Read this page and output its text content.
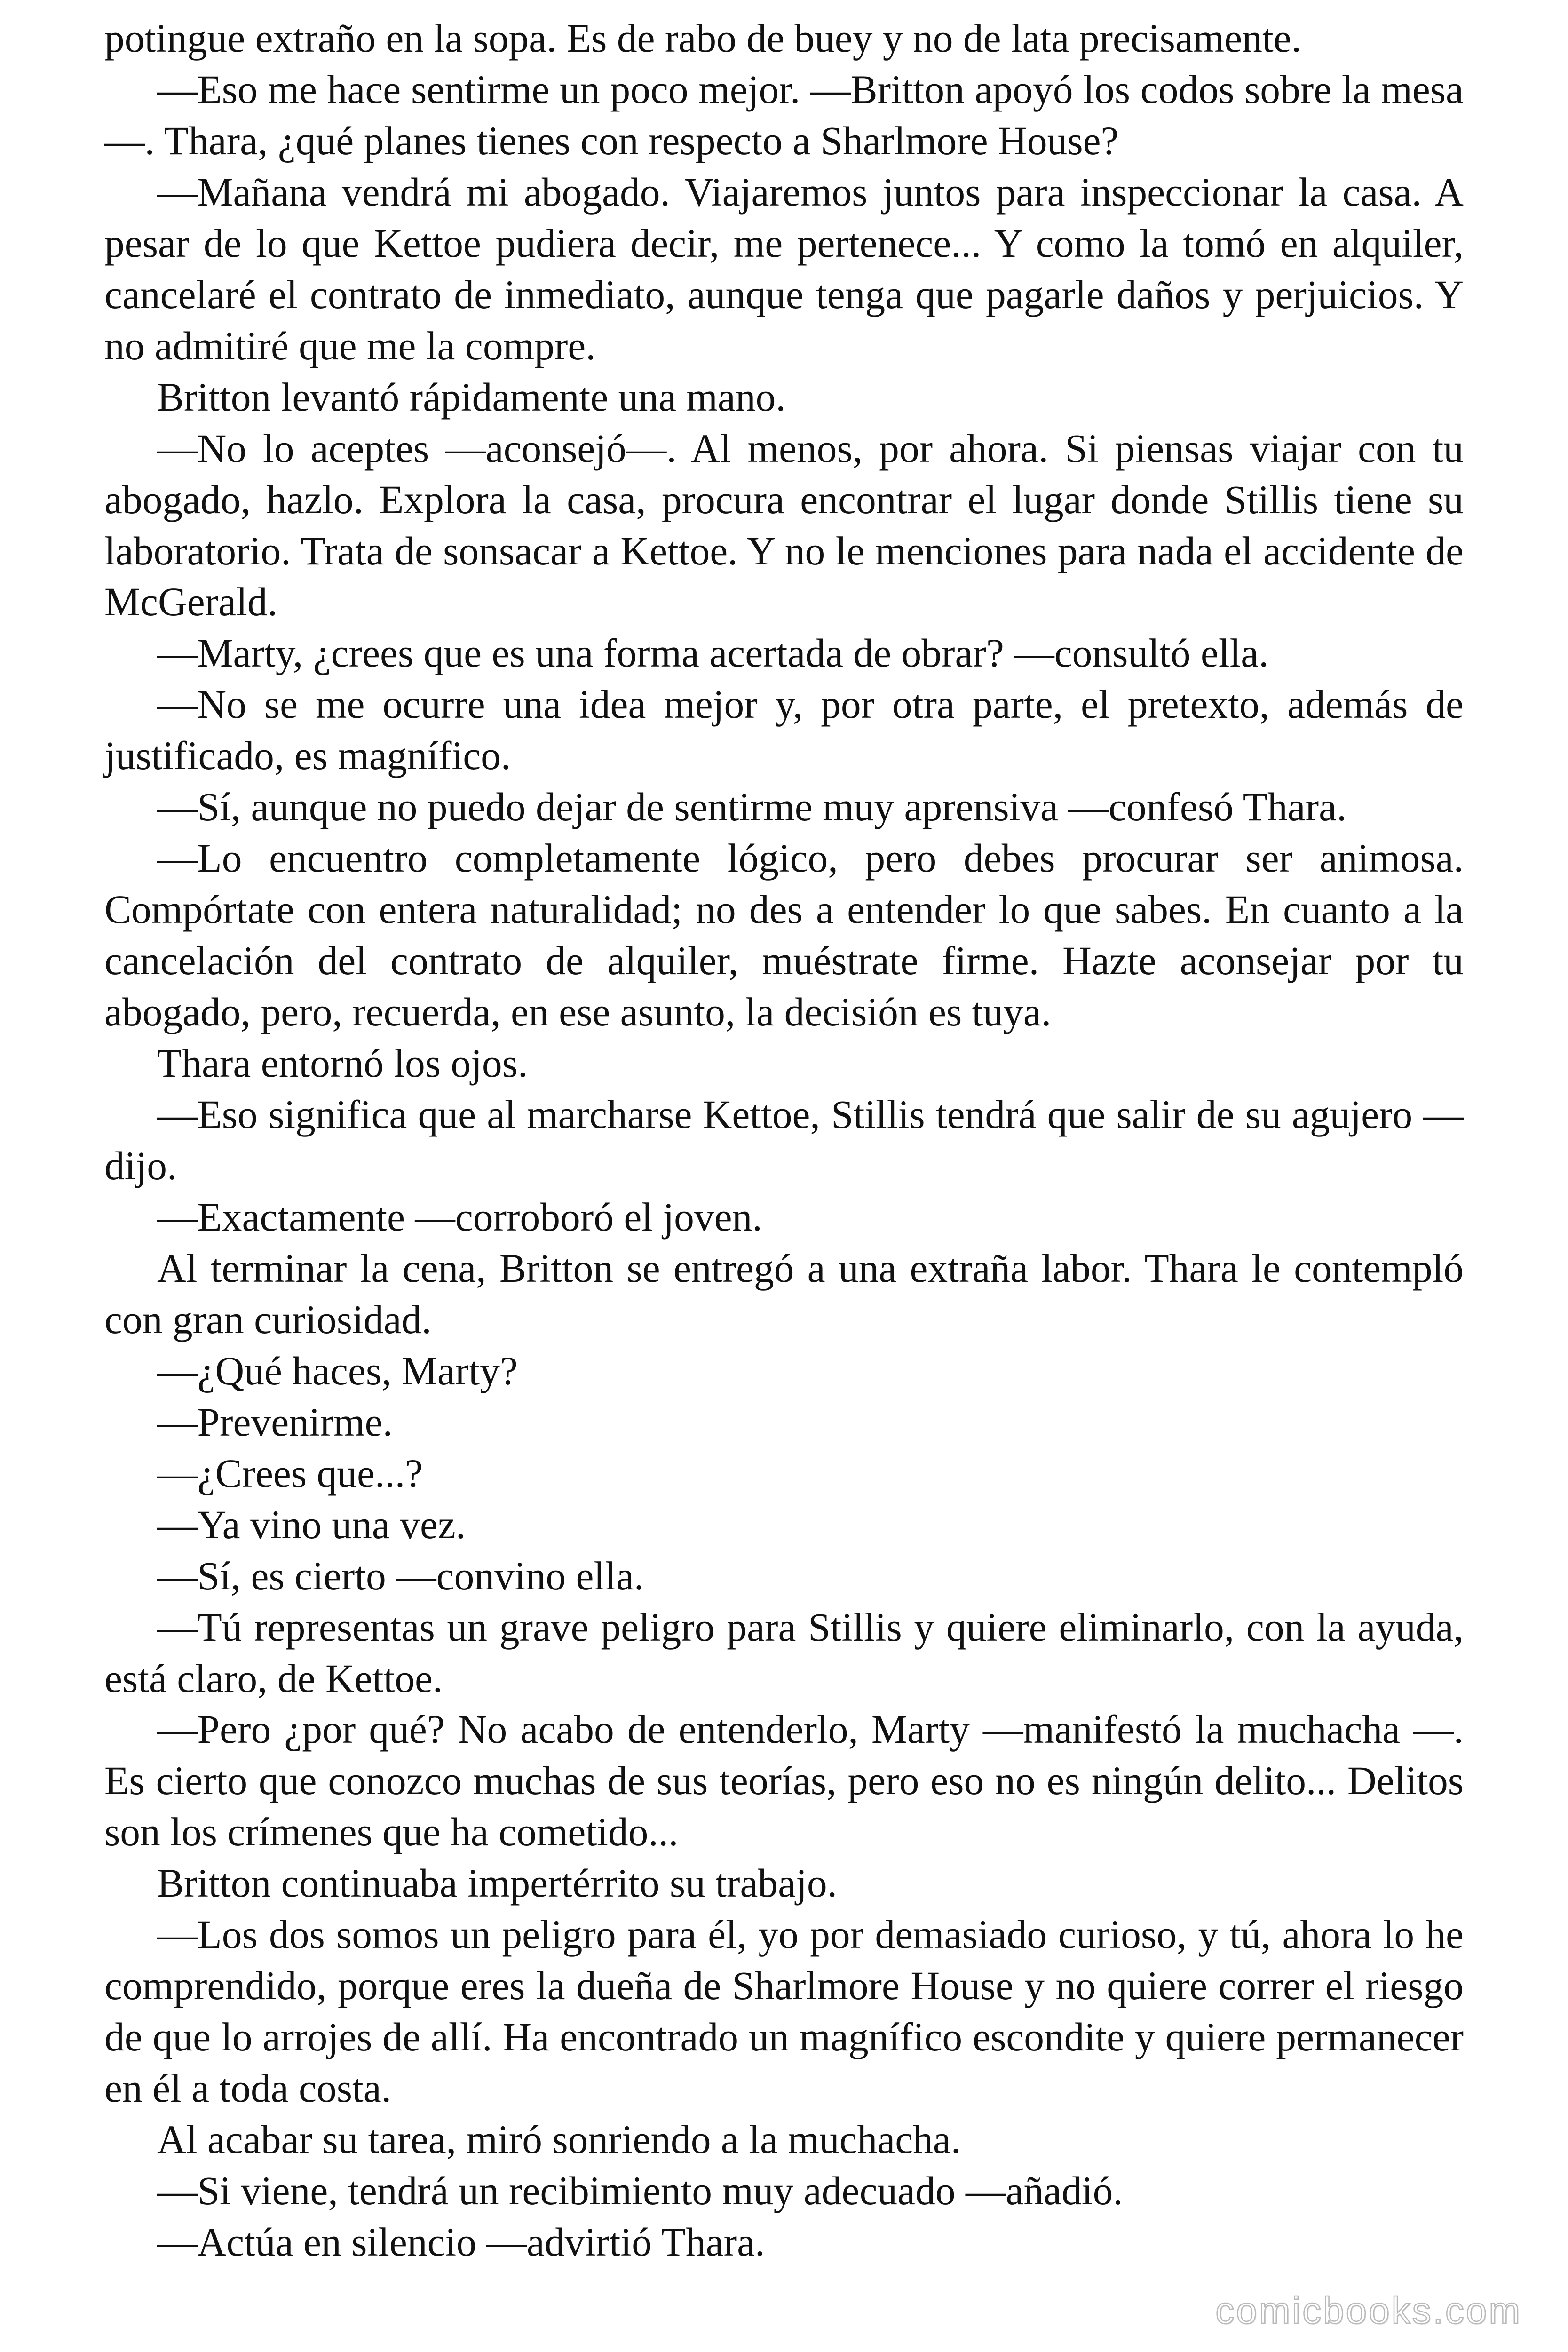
potingue extraño en la sopa. Es de rabo de buey y no de lata precisamente.

—Eso me hace sentirme un poco mejor. —Britton apoyó los codos sobre la mesa—. Thara, ¿qué planes tienes con respecto a Sharlmore House?

—Mañana vendrá mi abogado. Viajaremos juntos para inspeccionar la casa. A pesar de lo que Kettoe pudiera decir, me pertenece... Y como la tomó en alquiler, cancelaré el contrato de inmediato, aunque tenga que pagarle daños y perjuicios. Y no admitiré que me la compre.

Britton levantó rápidamente una mano.

—No lo aceptes —aconsejó—. Al menos, por ahora. Si piensas viajar con tu abogado, hazlo. Explora la casa, procura encontrar el lugar donde Stillis tiene su laboratorio. Trata de sonsacar a Kettoe. Y no le menciones para nada el accidente de McGerald.

—Marty, ¿crees que es una forma acertada de obrar? —consultó ella.

—No se me ocurre una idea mejor y, por otra parte, el pretexto, además de justificado, es magnífico.

—Sí, aunque no puedo dejar de sentirme muy aprensiva —confesó Thara.

—Lo encuentro completamente lógico, pero debes procurar ser animosa. Compórtate con entera naturalidad; no des a entender lo que sabes. En cuanto a la cancelación del contrato de alquiler, muéstrate firme. Hazte aconsejar por tu abogado, pero, recuerda, en ese asunto, la decisión es tuya.

Thara entornó los ojos.

—Eso significa que al marcharse Kettoe, Stillis tendrá que salir de su agujero —dijo.

—Exactamente —corroboró el joven.

Al terminar la cena, Britton se entregó a una extraña labor. Thara le contempló con gran curiosidad.

—¿Qué haces, Marty?

—Prevenirme.

—¿Crees que...?

—Ya vino una vez.

—Sí, es cierto —convino ella.

—Tú representas un grave peligro para Stillis y quiere eliminarlo, con la ayuda, está claro, de Kettoe.

—Pero ¿por qué? No acabo de entenderlo, Marty —manifestó la muchacha —. Es cierto que conozco muchas de sus teorías, pero eso no es ningún delito... Delitos son los crímenes que ha cometido...

Britton continuaba impertérrito su trabajo.

—Los dos somos un peligro para él, yo por demasiado curioso, y tú, ahora lo he comprendido, porque eres la dueña de Sharlmore House y no quiere correr el riesgo de que lo arrojes de allí. Ha encontrado un magnífico escondite y quiere permanecer en él a toda costa.

Al acabar su tarea, miró sonriendo a la muchacha.

—Si viene, tendrá un recibimiento muy adecuado —añadió.

—Actúa en silencio —advirtió Thara.

comicbooks.com
